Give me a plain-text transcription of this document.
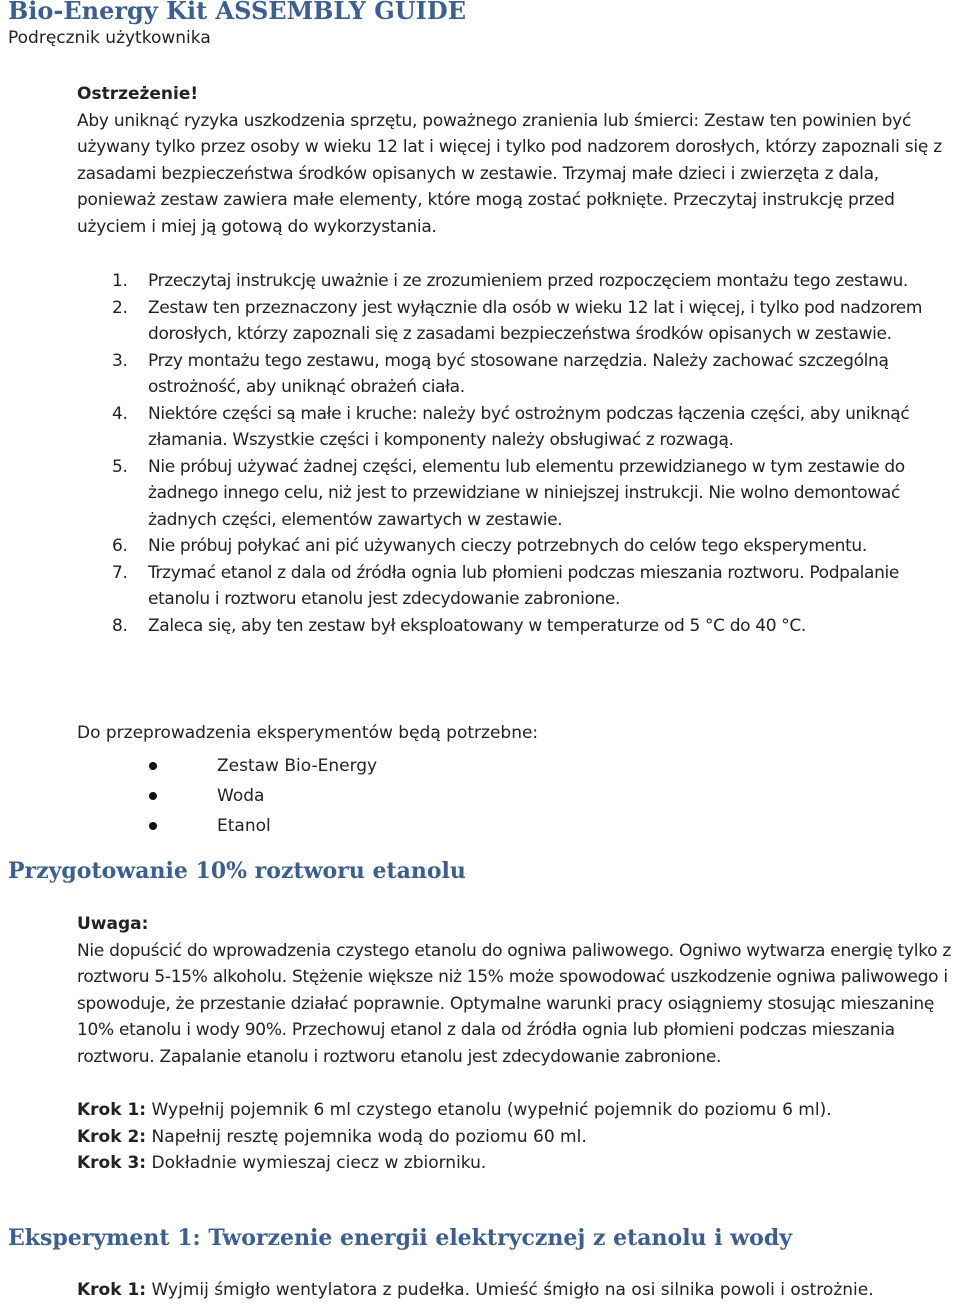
Bio-Energy Kit ASSEMBLY GUIDE
Podręcznik użytkownika
Ostrzeżenie!
Aby uniknąć ryzyka uszkodzenia sprzętu, poważnego zranienia lub śmierci: Zestaw ten powinien być używany tylko przez osoby w wieku 12 lat i więcej i tylko pod nadzorem dorosłych, którzy zapoznali się z zasadami bezpieczeństwa środków opisanych w zestawie. Trzymaj małe dzieci i zwierzęta z dala, ponieważ zestaw zawiera małe elementy, które mogą zostać połknięte. Przeczytaj instrukcję przed użyciem i miej ją gotową do wykorzystania.
1. Przeczytaj instrukcję uważnie i ze zrozumieniem przed rozpoczęciem montażu tego zestawu.
2. Zestaw ten przeznaczony jest wyłącznie dla osób w wieku 12 lat i więcej, i tylko pod nadzorem dorosłych, którzy zapoznali się z zasadami bezpieczeństwa środków opisanych w zestawie.
3. Przy montażu tego zestawu, mogą być stosowane narzędzia. Należy zachować szczególną ostrożność, aby uniknąć obrażeń ciała.
4. Niektóre części są małe i kruche: należy być ostrożnym podczas łączenia części, aby uniknąć złamania. Wszystkie części i komponenty należy obsługiwać z rozwagą.
5. Nie próbuj używać żadnej części, elementu lub elementu przewidzianego w tym zestawie do żadnego innego celu, niż jest to przewidziane w niniejszej instrukcji. Nie wolno demontować żadnych części, elementów zawartych w zestawie.
6. Nie próbuj połykać ani pić używanych cieczy potrzebnych do celów tego eksperymentu.
7. Trzymać etanol z dala od źródła ognia lub płomieni podczas mieszania roztworu. Podpalanie etanolu i roztworu etanolu jest zdecydowanie zabronione.
8. Zaleca się, aby ten zestaw był eksploatowany w temperaturze od 5 °C do 40 °C.
Do przeprowadzenia eksperymentów będą potrzebne:
Zestaw Bio-Energy
Woda
Etanol
Przygotowanie 10% roztworu etanolu
Uwaga:
Nie dopuścić do wprowadzenia czystego etanolu do ogniwa paliwowego. Ogniwo wytwarza energię tylko z roztworu 5-15% alkoholu. Stężenie większe niż 15% może spowodować uszkodzenie ogniwa paliwowego i spowoduje, że przestanie działać poprawnie. Optymalne warunki pracy osiągniemy stosując mieszaninę 10% etanolu i wody 90%. Przechowuj etanol z dala od źródła ognia lub płomieni podczas mieszania roztworu. Zapalanie etanolu i roztworu etanolu jest zdecydowanie zabronione.
Krok 1: Wypełnij pojemnik 6 ml czystego etanolu (wypełnić pojemnik do poziomu 6 ml).
Krok 2: Napełnij resztę pojemnika wodą do poziomu 60 ml.
Krok 3: Dokładnie wymieszaj ciecz w zbiorniku.
Eksperyment 1: Tworzenie energii elektrycznej z etanolu i wody
Krok 1: Wyjmij śmigło wentylatora z pudełka. Umieść śmigło na osi silnika powoli i ostrożnie.
